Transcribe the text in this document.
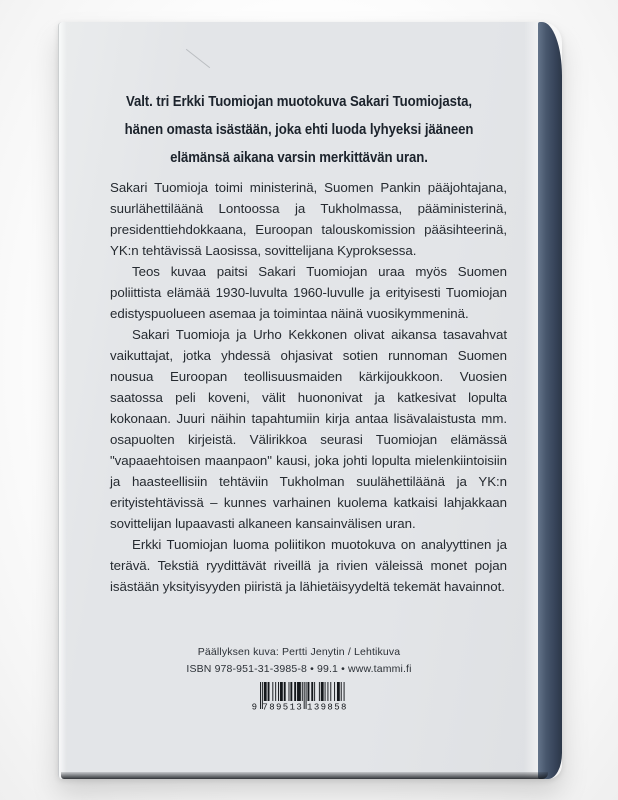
Valt. tri Erkki Tuomiojan muotokuva Sakari Tuomiojasta,
hänen omasta isästään, joka ehti luoda lyhyeksi jääneen
elämänsä aikana varsin merkittävän uran.

Sakari Tuomioja toimi ministerinä, Suomen Pankin pääjohtajana, suurlähettiläänä Lontoossa ja Tukholmassa, pääministerinä, presidenttiehdokkaana, Euroopan talouskomission pääsihteerinä, YK:n tehtävissä Laosissa, sovittelijana Kyproksessa.

Teos kuvaa paitsi Sakari Tuomiojan uraa myös Suomen poliittista elämää 1930-luvulta 1960-luvulle ja erityisesti Tuomiojan edistyspuolueen asemaa ja toimintaa näinä vuosikymmeninä.

Sakari Tuomioja ja Urho Kekkonen olivat aikansa tasavahvat vaikuttajat, jotka yhdessä ohjasivat sotien runnoman Suomen nousua Euroopan teollisuusmaiden kärkijoukkoon. Vuosien saatossa peli koveni, välit huononivat ja katkesivat lopulta kokonaan. Juuri näihin tapahtumiin kirja antaa lisävalaistusta mm. osapuolten kirjeistä. Välirikkoa seurasi Tuomiojan elämässä "vapaaehtoisen maanpaon" kausi, joka johti lopulta mielenkiintoisiin ja haasteellisiin tehtäviin Tukholman suulähettiläänä ja YK:n erityistehtävissä – kunnes varhainen kuolema katkaisi lahjakkaan sovittelijan lupaavasti alkaneen kansainvälisen uran.

Erkki Tuomiojan luoma poliitikon muotokuva on analyyttinen ja terävä. Tekstiä ryydittävät riveillä ja rivien väleissä monet pojan isästään yksityisyyden piiristä ja lähietäisyydeltä tekemät havainnot.

Päällyksen kuva: Pertti Jenytin / Lehtikuva
ISBN 978-951-31-3985-8 • 99.1 • www.tammi.fi
9 789513 139858
